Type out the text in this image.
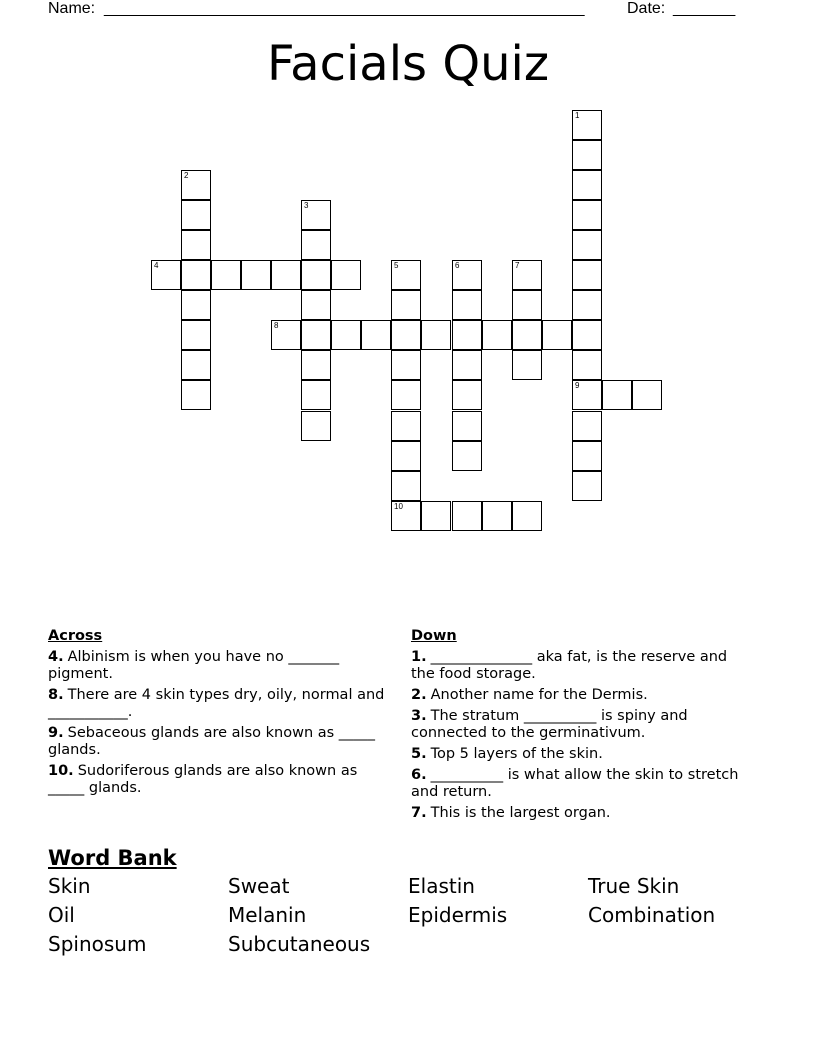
Name: ______________________________________________________	Date: _______
Facials Quiz
1
9
2
3
4	5
10
6	7
8
Across
4. Albinism is when you have no _______ pigment.
8. There are 4 skin types dry, oily, normal and ___________.
9. Sebaceous glands are also known as _____ glands.
10. Sudoriferous glands are also known as _____ glands.
Down
1. ______________ aka fat, is the reserve and the food storage.
2. Another name for the Dermis.
3. The stratum __________ is spiny and connected to the germinativum.
5. Top 5 layers of the skin.
6. __________ is what allow the skin to stretch and return.
7. This is the largest organ.
Word Bank
Skin	Sweat	Elastin	True Skin
Oil	Melanin	Epidermis	Combination
Spinosum	Subcutaneous
